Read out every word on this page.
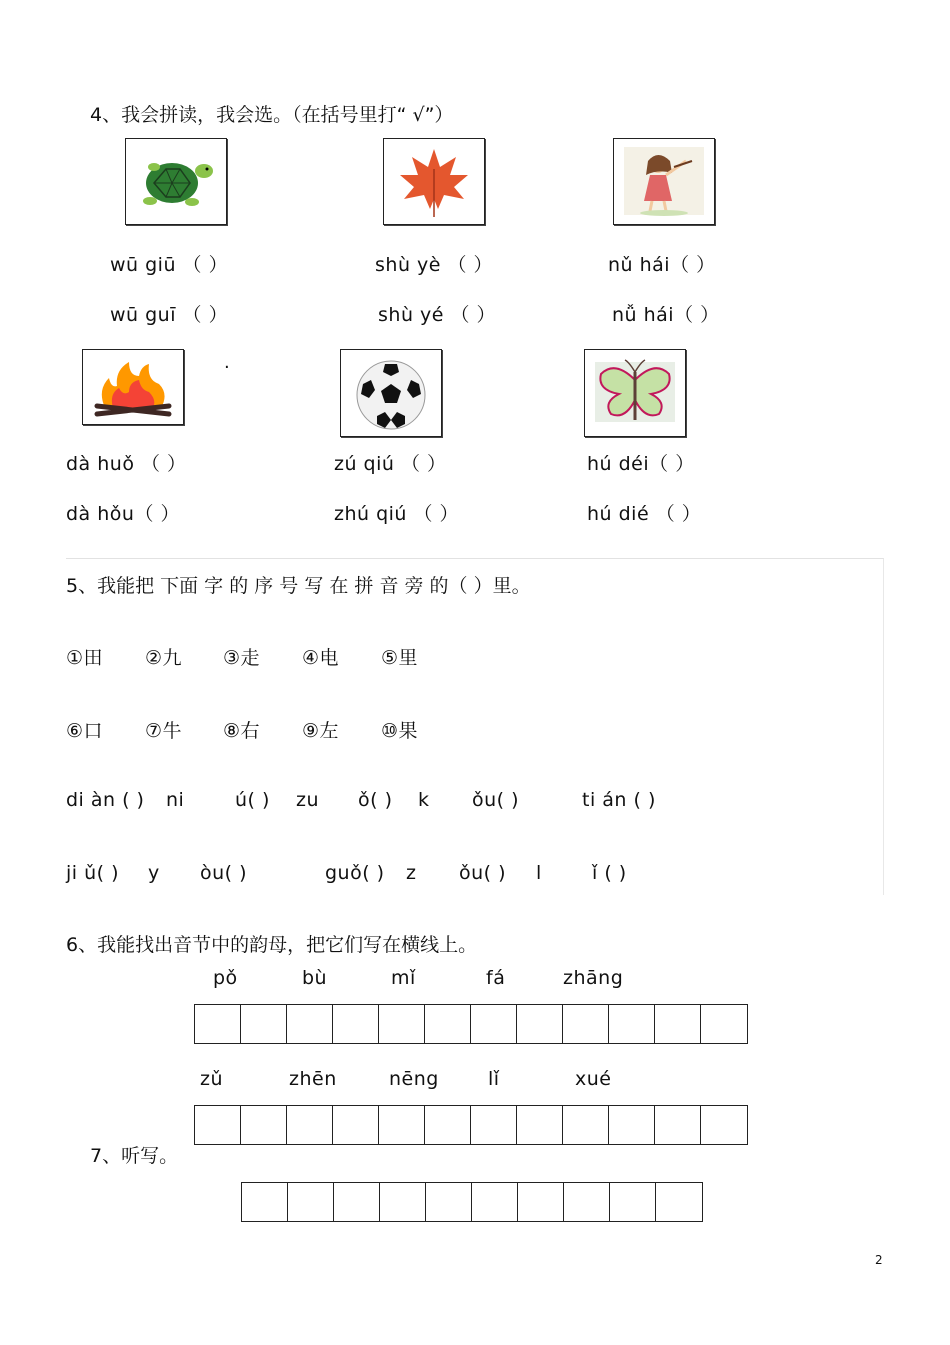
4、我会拼读，我会选。（在括号里打“ √”）
wū giū （ ）
wū guī （ ）
shù yè （ ）
shù yé （ ）
nǔ hái（ ）
nǚ hái（ ）
.
dà huǒ （ ）
dà hǒu（ ）
zú qiú （ ）
zhú qiú （ ）
hú déi（ ）
hú dié （ ）
5、我能把 下面 字 的 序 号 写 在 拼 音 旁 的（ ）里。
①田 ②九 ③走 ④电 ⑤里
⑥口 ⑦牛 ⑧右 ⑨左 ⑩果
di àn ( ) ni	ú( ) zu ǒ( ) k ǒu( )	ti án ( )
ji ǔ( ) y òu( )	guǒ( ) z ǒu( ) l	ǐ ( )
6、我能找出音节中的韵母，把它们写在横线上。
pǒ	bù	mǐ	fá	zhāng
zǔ	zhēn	nēng	lǐ	xué
7、听写。
2
